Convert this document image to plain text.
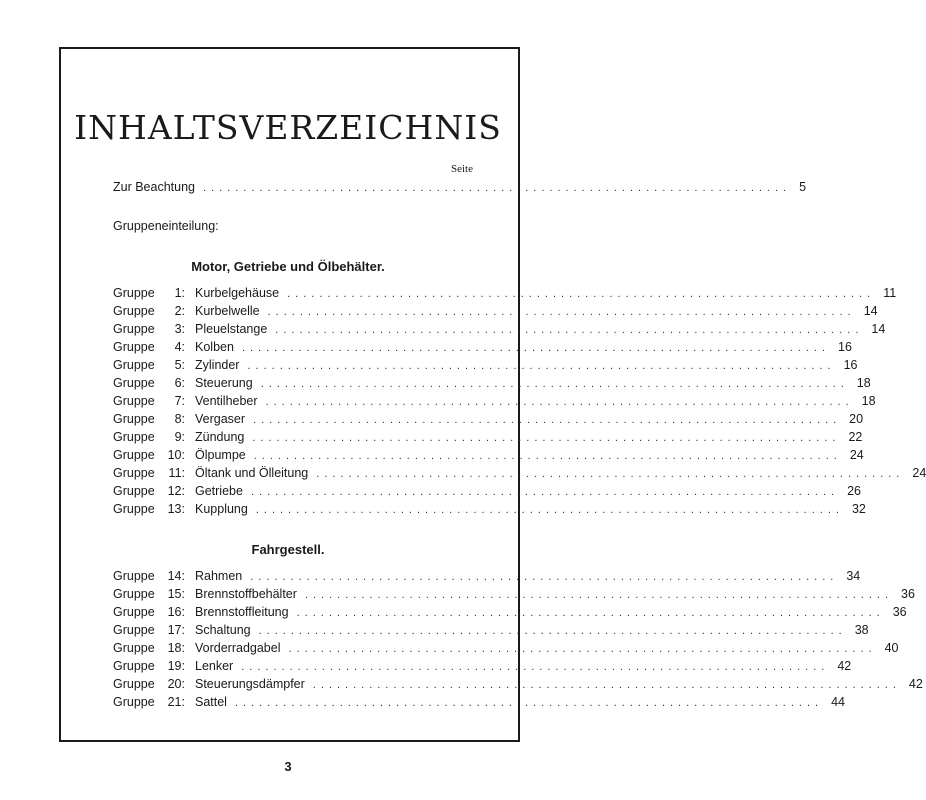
INHALTSVERZEICHNIS
Seite
Zur Beachtung ......................................................................... 5
Gruppeneinteilung:
Motor, Getriebe und Ölbehälter.
Gruppe 1: Kurbelgehäuse ......................................................................... 11
Gruppe 2: Kurbelwelle ......................................................................... 14
Gruppe 3: Pleuelstange ......................................................................... 14
Gruppe 4: Kolben ......................................................................... 16
Gruppe 5: Zylinder ......................................................................... 16
Gruppe 6: Steuerung ......................................................................... 18
Gruppe 7: Ventilheber ......................................................................... 18
Gruppe 8: Vergaser ......................................................................... 20
Gruppe 9: Zündung ......................................................................... 22
Gruppe 10: Ölpumpe ......................................................................... 24
Gruppe 11: Öltank und Ölleitung ......................................................................... 24
Gruppe 12: Getriebe ......................................................................... 26
Gruppe 13: Kupplung ......................................................................... 32
Fahrgestell.
Gruppe 14: Rahmen ......................................................................... 34
Gruppe 15: Brennstoffbehälter ......................................................................... 36
Gruppe 16: Brennstoffleitung ......................................................................... 36
Gruppe 17: Schaltung ......................................................................... 38
Gruppe 18: Vorderradgabel ......................................................................... 40
Gruppe 19: Lenker ......................................................................... 42
Gruppe 20: Steuerungsdämpfer ......................................................................... 42
Gruppe 21: Sattel ......................................................................... 44
3
